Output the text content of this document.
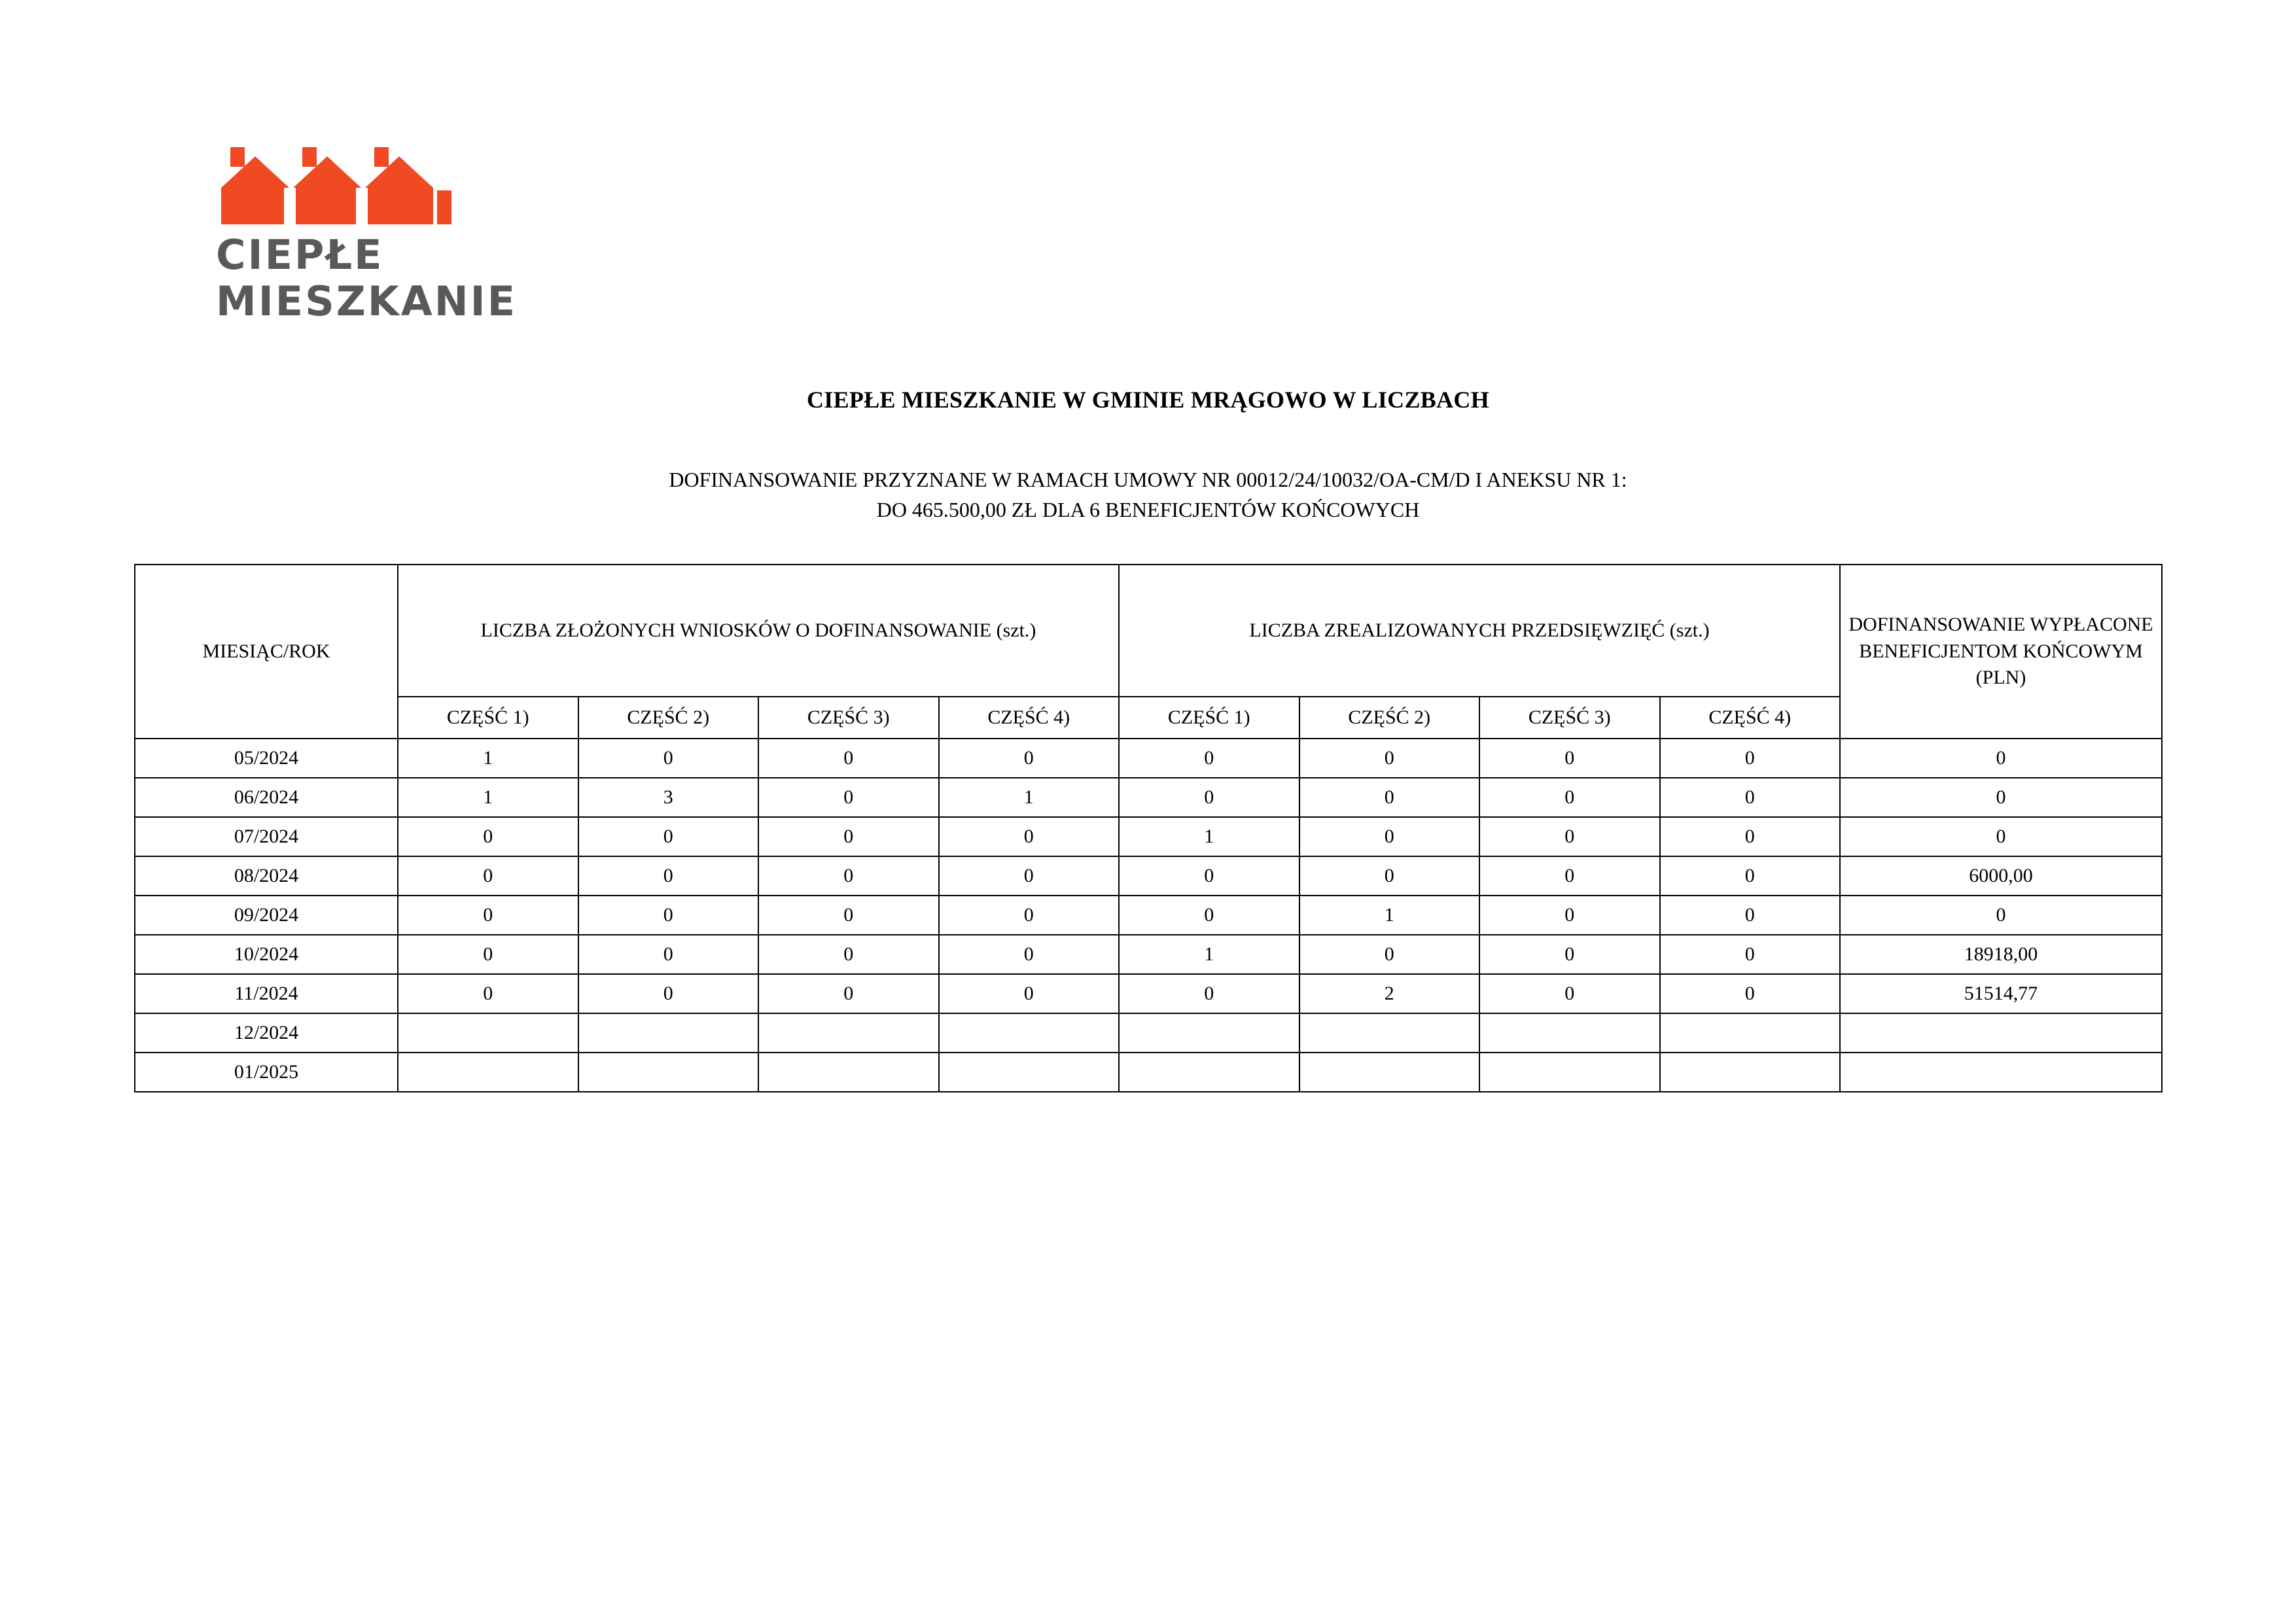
CIEPŁE
MIESZKANIE
CIEPŁE MIESZKANIE W GMINIE MRĄGOWO W LICZBACH
DOFINANSOWANIE PRZYZNANE W RAMACH UMOWY NR 00012/24/10032/OA-CM/D I ANEKSU NR 1:
DO 465.500,00 ZŁ DLA 6 BENEFICJENTÓW KOŃCOWYCH
MIESIĄC/ROK	LICZBA ZŁOŻONYCH WNIOSKÓW O DOFINANSOWANIE (szt.)				LICZBA ZREALIZOWANYCH PRZEDSIĘWZIĘĆ (szt.)				DOFINANSOWANIE WYPŁACONE BENEFICJENTOM KOŃCOWYM (PLN)
	CZĘŚĆ 1)	CZĘŚĆ 2)	CZĘŚĆ 3)	CZĘŚĆ 4)	CZĘŚĆ 1)	CZĘŚĆ 2)	CZĘŚĆ 3)	CZĘŚĆ 4)	
05/2024	1	0	0	0	0	0	0	0	0
06/2024	1	3	0	1	0	0	0	0	0
07/2024	0	0	0	0	1	0	0	0	0
08/2024	0	0	0	0	0	0	0	0	6000,00
09/2024	0	0	0	0	0	1	0	0	0
10/2024	0	0	0	0	1	0	0	0	18918,00
11/2024	0	0	0	0	0	2	0	0	51514,77
12/2024									
01/2025									
